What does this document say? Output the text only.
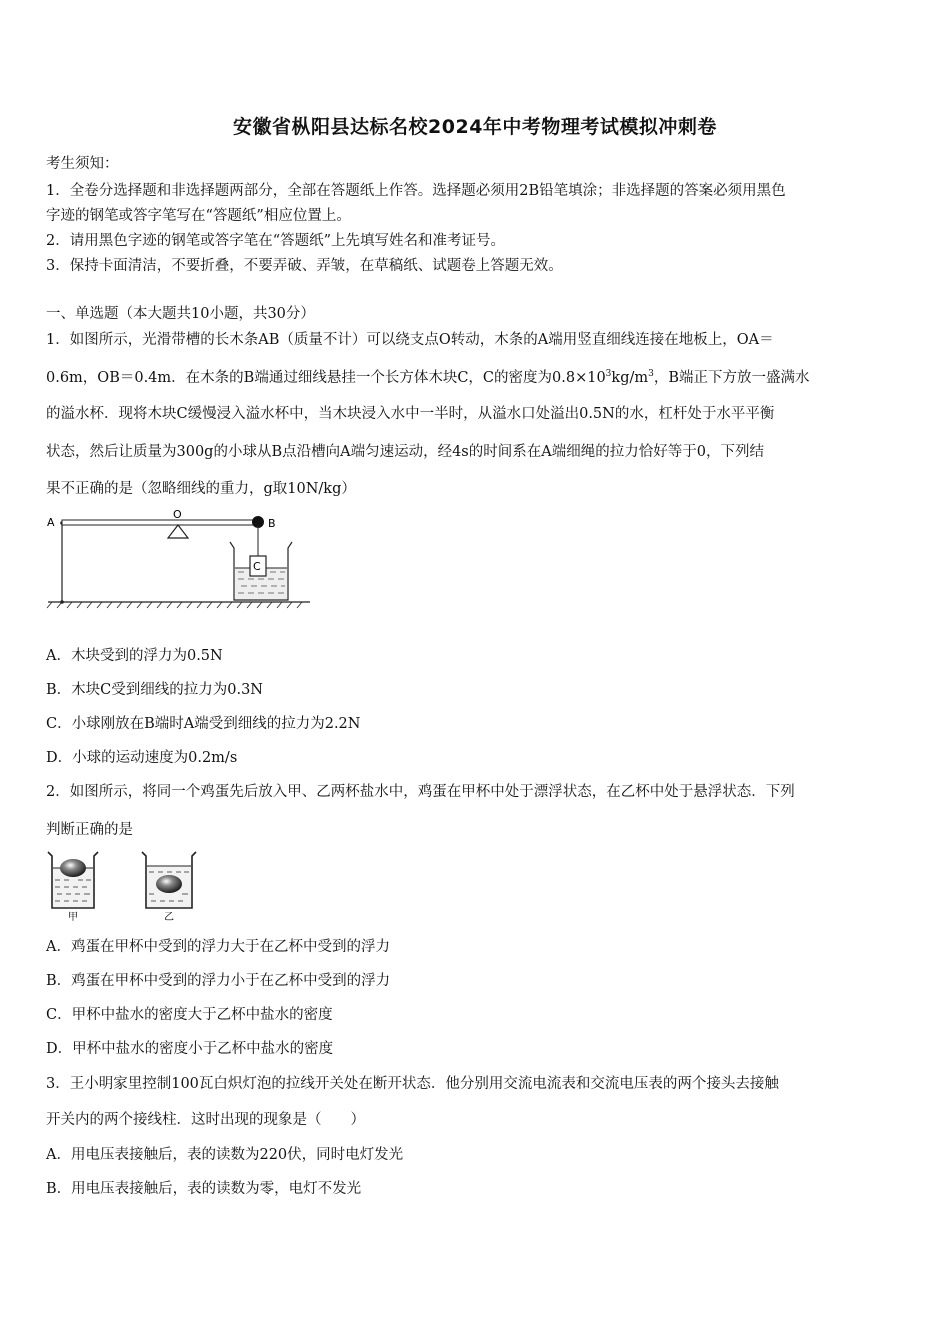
安徽省枞阳县达标名校2024年中考物理考试模拟冲刺卷
考生须知：
1．全卷分选择题和非选择题两部分，全部在答题纸上作答。选择题必须用2B铅笔填涂；非选择题的答案必须用黑色
字迹的钢笔或答字笔写在“答题纸”相应位置上。
2．请用黑色字迹的钢笔或答字笔在“答题纸”上先填写姓名和准考证号。
3．保持卡面清洁，不要折叠，不要弄破、弄皱，在草稿纸、试题卷上答题无效。
一、单选题（本大题共10小题，共30分）
1．如图所示，光滑带槽的长木条AB（质量不计）可以绕支点O转动，木条的A端用竖直细线连接在地板上，OA＝
0.6m，OB＝0.4m．在木条的B端通过细线悬挂一个长方体木块C，C的密度为$0.8\times 10^3kg/m^3$，B端正下方放一盛满水
的溢水杯．现将木块C缓慢浸入溢水杯中，当木块浸入水中一半时，从溢水口处溢出0.5N的水，杠杆处于水平平衡
状态，然后让质量为300g的小球从B点沿槽向A端匀速运动，经4s的时间系在A端细绳的拉力恰好等于0，下列结
果不正确的是（忽略细线的重力，g取10N/kg）
A
O
B
C
A．木块受到的浮力为0.5N
B．木块C受到细线的拉力为0.3N
C．小球刚放在B端时A端受到细线的拉力为2.2N
D．小球的运动速度为0.2m/s
2．如图所示，将同一个鸡蛋先后放入甲、乙两杯盐水中，鸡蛋在甲杯中处于漂浮状态，在乙杯中处于悬浮状态．下列
判断正确的是
甲	乙
A．鸡蛋在甲杯中受到的浮力大于在乙杯中受到的浮力
B．鸡蛋在甲杯中受到的浮力小于在乙杯中受到的浮力
C．甲杯中盐水的密度大于乙杯中盐水的密度
D．甲杯中盐水的密度小于乙杯中盐水的密度
3．王小明家里控制100瓦白炽灯泡的拉线开关处在断开状态．他分别用交流电流表和交流电压表的两个接头去接触
开关内的两个接线柱．这时出现的现象是（　　）
A．用电压表接触后，表的读数为220伏，同时电灯发光
B．用电压表接触后，表的读数为零，电灯不发光
